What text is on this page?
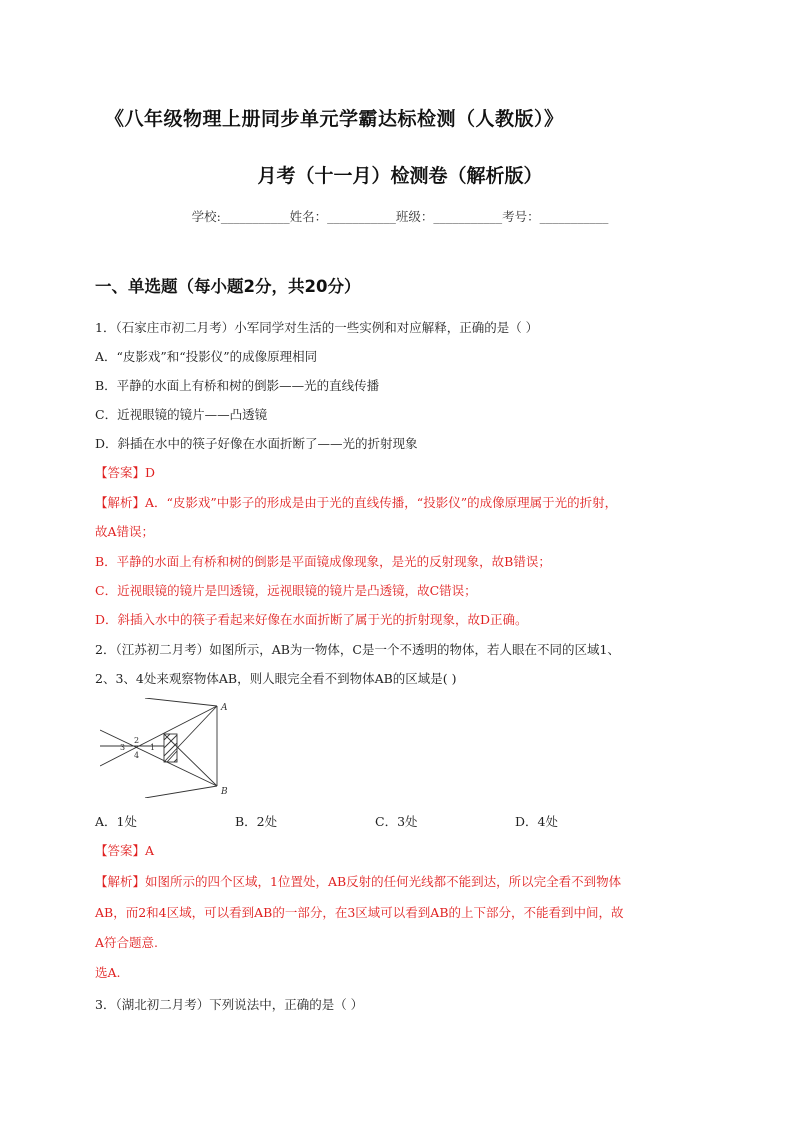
《八年级物理上册同步单元学霸达标检测（人教版）》
月考（十一月）检测卷（解析版）
学校:___________姓名：___________班级：___________考号：___________
一、单选题（每小题2分，共20分）
1．（石家庄市初二月考）小军同学对生活的一些实例和对应解释，正确的是（ ）
A．“皮影戏”和“投影仪”的成像原理相同
B．平静的水面上有桥和树的倒影——光的直线传播
C．近视眼镜的镜片——凸透镜
D．斜插在水中的筷子好像在水面折断了——光的折射现象
【答案】D
【解析】A．“皮影戏”中影子的形成是由于光的直线传播，“投影仪”的成像原理属于光的折射，
故A错误；
B．平静的水面上有桥和树的倒影是平面镜成像现象，是光的反射现象，故B错误；
C．近视眼镜的镜片是凹透镜，远视眼镜的镜片是凸透镜，故C错误；
D．斜插入水中的筷子看起来好像在水面折断了属于光的折射现象，故D正确。
2．（江苏初二月考）如图所示，AB为一物体，C是一个不透明的物体，若人眼在不同的区域1、
2、3、4处来观察物体AB，则人眼完全看不到物体AB的区域是( )
A
B
1
2
3
4
A．1处	B．2处	C．3处	D．4处
【答案】A
【解析】如图所示的四个区域，1位置处，AB反射的任何光线都不能到达，所以完全看不到物体
AB，而2和4区域，可以看到AB的一部分，在3区域可以看到AB的上下部分，不能看到中间，故
A符合题意.
选A.
3．（湖北初二月考）下列说法中，正确的是（ ）
